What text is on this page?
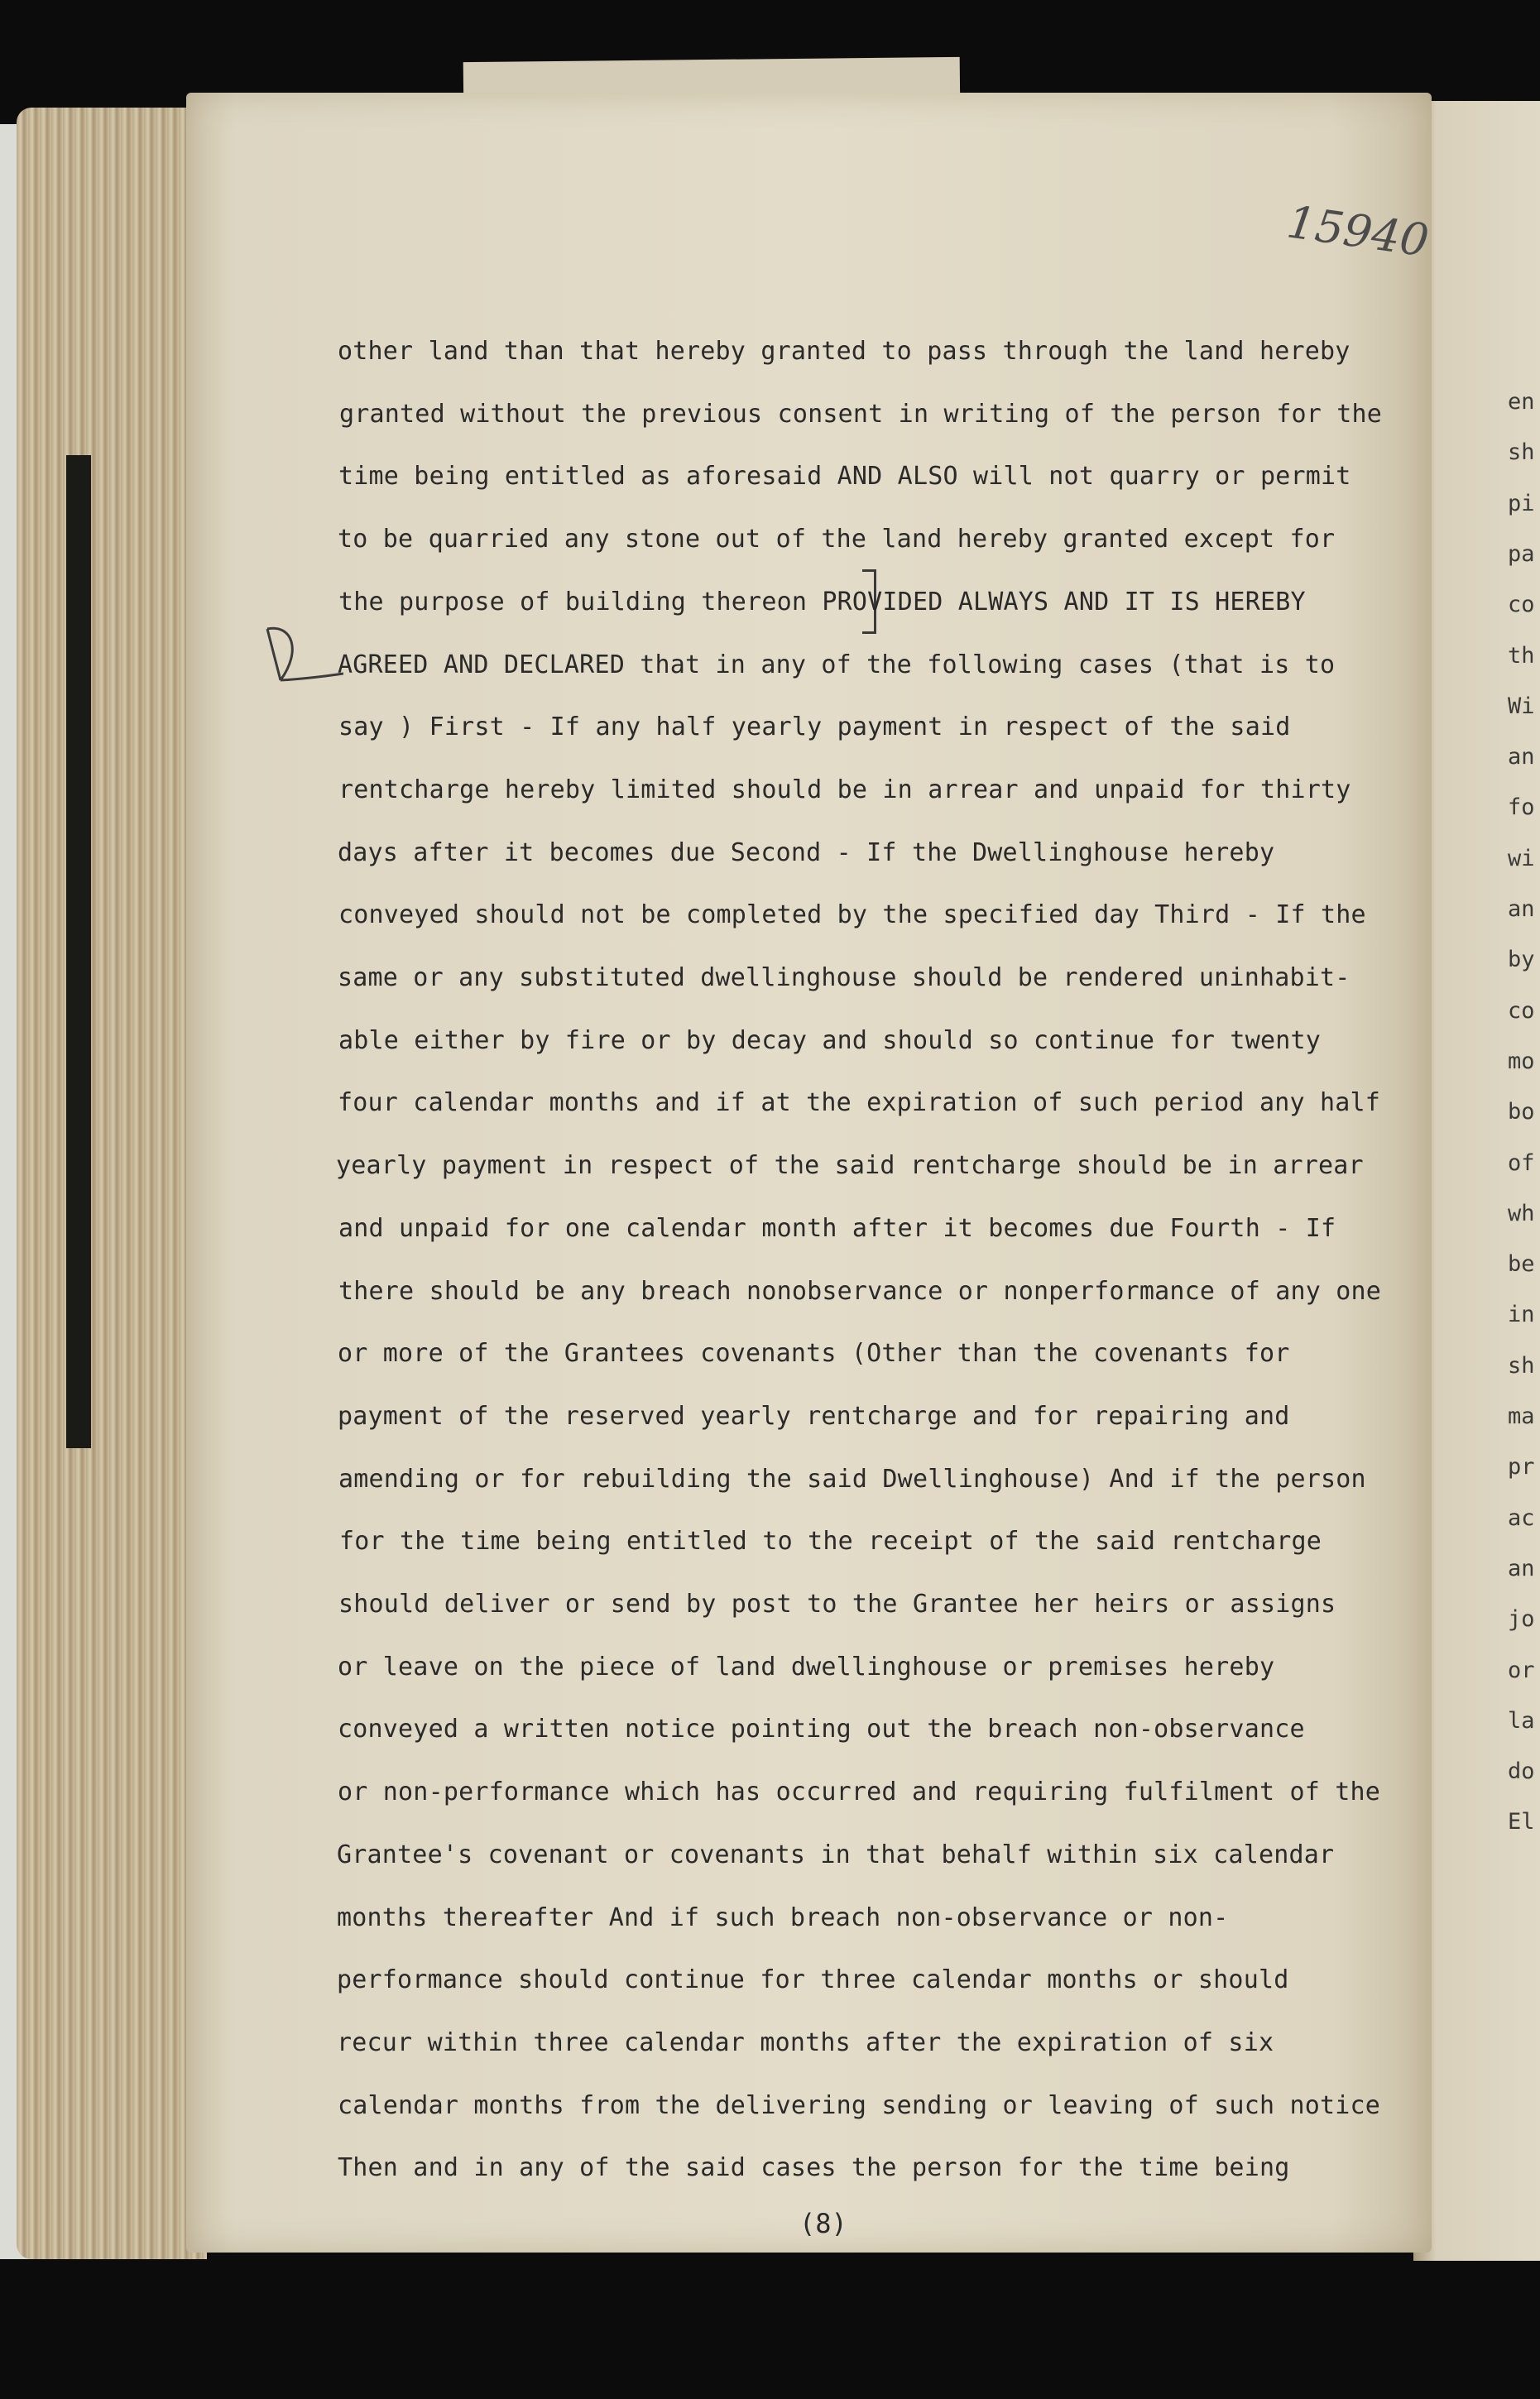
15940
other land than that hereby granted to pass through the land hereby
granted without the previous consent in writing of the person for the
time being entitled as aforesaid AND ALSO will not quarry or permit
to be quarried any stone out of the land hereby granted except for
the purpose of building thereon PROVIDED ALWAYS AND IT IS HEREBY
AGREED AND DECLARED that in any of the following cases (that is to
say ) First - If any half yearly payment in respect of the said
rentcharge hereby limited should be in arrear and unpaid for thirty
days after it becomes due Second - If the Dwellinghouse hereby
conveyed should not be completed by the specified day Third - If the
same or any substituted dwellinghouse should be rendered uninhabit-
able either by fire or by decay and should so continue for twenty
four calendar months and if at the expiration of such period any half
yearly payment in respect of the said rentcharge should be in arrear
and unpaid for one calendar month after it becomes due Fourth - If
there should be any breach nonobservance or nonperformance of any one
or more of the Grantees covenants (Other than the covenants for
payment of the reserved yearly rentcharge and for repairing and
amending or for rebuilding the said Dwellinghouse) And if the person
for the time being entitled to the receipt of the said rentcharge
should deliver or send by post to the Grantee her heirs or assigns
or leave on the piece of land dwellinghouse or premises hereby
conveyed a written notice pointing out the breach non-observance
or non-performance which has occurred and requiring fulfilment of the
Grantee's covenant or covenants in that behalf within six calendar
months thereafter And if such breach non-observance or non-
performance should continue for three calendar months or should
recur within three calendar months after the expiration of six
calendar months from the delivering sending or leaving of such notice
Then and in any of the said cases the person for the time being
(8)
en
sh
pi
pa
co
th
Wi
an
fo
wi
an
by
co
mo
bo
of
wh
be
in
sh
ma
pr
ac
an
jo
or
la
do
El
